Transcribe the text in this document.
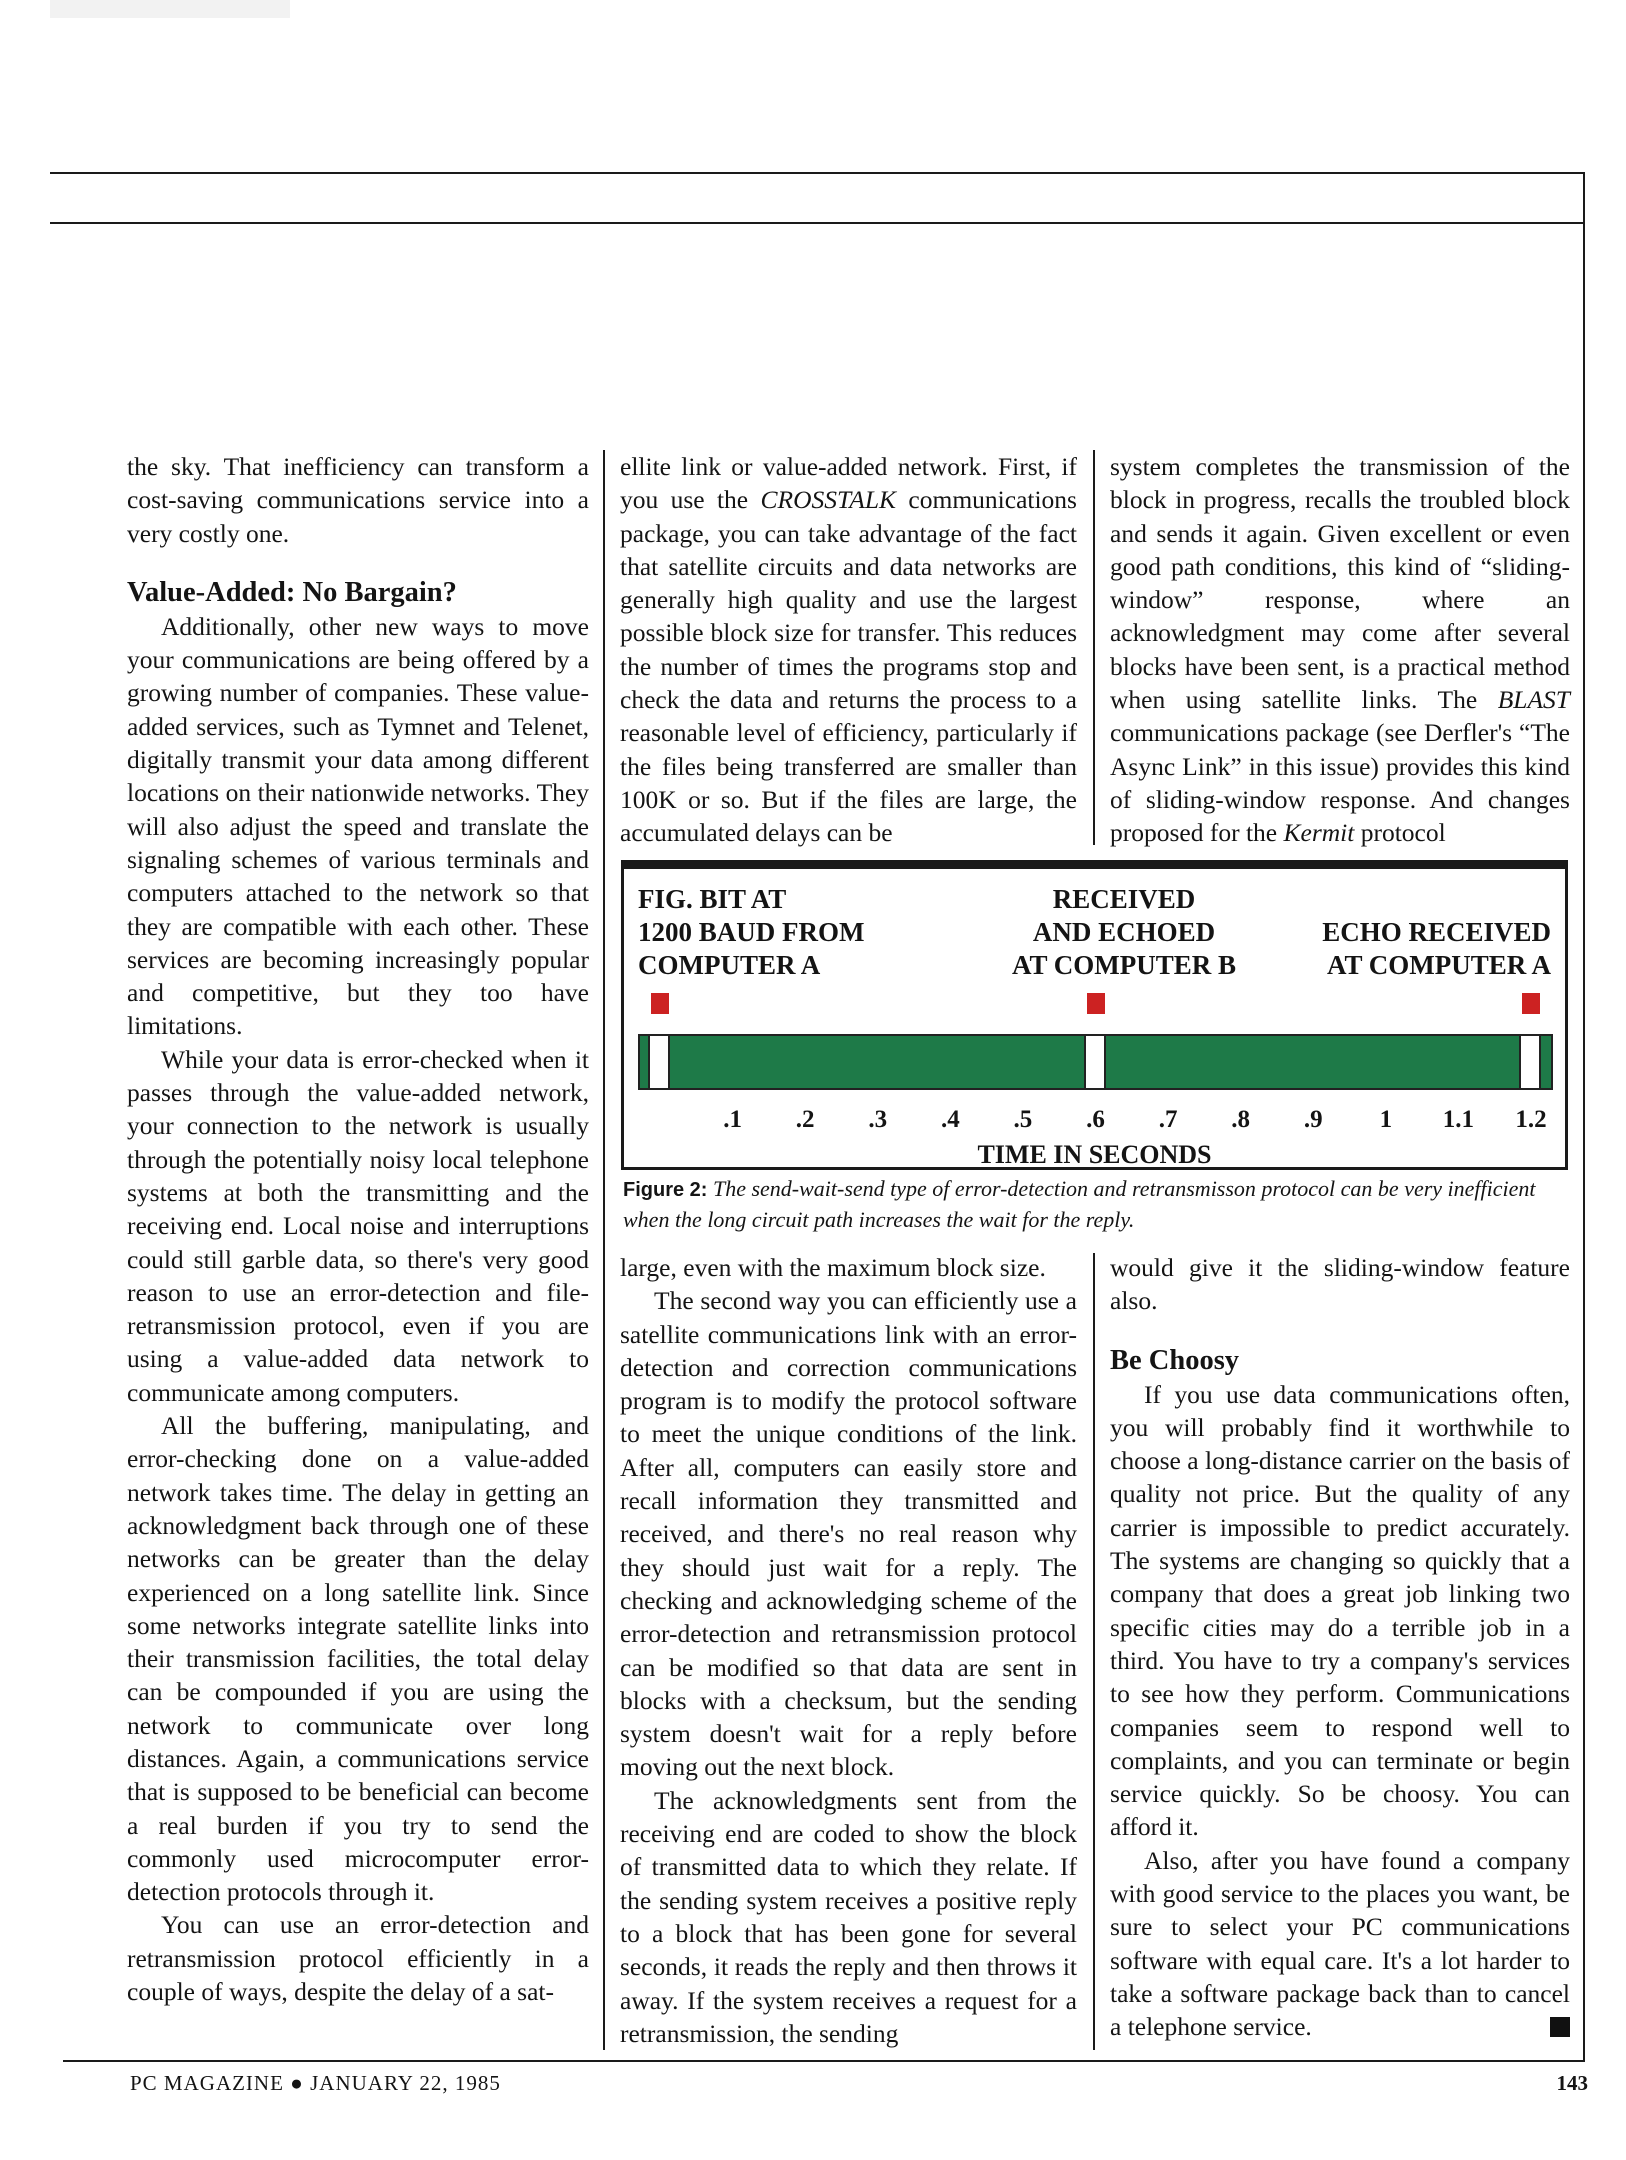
the sky. That inefficiency can transform a cost-saving communications service into a very costly one.

Value-Added: No Bargain?

Additionally, other new ways to move your communications are being offered by a growing number of companies. These value-added services, such as Tymnet and Telenet, digitally transmit your data among different locations on their nationwide networks. They will also adjust the speed and translate the signaling schemes of various terminals and computers attached to the network so that they are compatible with each other. These services are becoming increasingly popular and competitive, but they too have limitations.

While your data is error-checked when it passes through the value-added network, your connection to the network is usually through the potentially noisy local telephone systems at both the transmitting and the receiving end. Local noise and interruptions could still garble data, so there's very good reason to use an error-detection and file-retransmission protocol, even if you are using a value-added data network to communicate among computers.

All the buffering, manipulating, and error-checking done on a value-added network takes time. The delay in getting an acknowledgment back through one of these networks can be greater than the delay experienced on a long satellite link. Since some networks integrate satellite links into their transmission facilities, the total delay can be compounded if you are using the network to communicate over long distances. Again, a communications service that is supposed to be beneficial can become a real burden if you try to send the commonly used microcomputer error-detection protocols through it.

You can use an error-detection and retransmission protocol efficiently in a couple of ways, despite the delay of a sat-

ellite link or value-added network. First, if you use the CROSSTALK communications package, you can take advantage of the fact that satellite circuits and data networks are generally high quality and use the largest possible block size for transfer. This reduces the number of times the programs stop and check the data and returns the process to a reasonable level of efficiency, particularly if the files being transferred are smaller than 100K or so. But if the files are large, the accumulated delays can be

system completes the transmission of the block in progress, recalls the troubled block and sends it again. Given excellent or even good path conditions, this kind of “sliding-window” response, where an acknowledgment may come after several blocks have been sent, is a practical method when using satellite links. The BLAST communications package (see Derfler's “The Async Link” in this issue) provides this kind of sliding-window response. And changes proposed for the Kermit protocol

FIG. BIT AT
1200 BAUD FROM
COMPUTER A
RECEIVED
AND ECHOED
AT COMPUTER B
ECHO RECEIVED
AT COMPUTER A
.1 .2 .3 .4 .5 .6 .7 .8 .9 1 1.1 1.2
TIME IN SECONDS
Figure 2: The send-wait-send type of error-detection and retransmisson protocol can be very inefficient when the long circuit path increases the wait for the reply.

large, even with the maximum block size.

The second way you can efficiently use a satellite communications link with an error-detection and correction communications program is to modify the protocol software to meet the unique conditions of the link. After all, computers can easily store and recall information they transmitted and received, and there's no real reason why they should just wait for a reply. The checking and acknowledging scheme of the error-detection and retransmission protocol can be modified so that data are sent in blocks with a checksum, but the sending system doesn't wait for a reply before moving out the next block.

The acknowledgments sent from the receiving end are coded to show the block of transmitted data to which they relate. If the sending system receives a positive reply to a block that has been gone for several seconds, it reads the reply and then throws it away. If the system receives a request for a retransmission, the sending

would give it the sliding-window feature also.

Be Choosy

If you use data communications often, you will probably find it worthwhile to choose a long-distance carrier on the basis of quality not price. But the quality of any carrier is impossible to predict accurately. The systems are changing so quickly that a company that does a great job linking two specific cities may do a terrible job in a third. You have to try a company's services to see how they perform. Communications companies seem to respond well to complaints, and you can terminate or begin service quickly. So be choosy. You can afford it.

Also, after you have found a company with good service to the places you want, be sure to select your PC communications software with equal care. It's a lot harder to take a software package back than to cancel a telephone service.

PC MAGAZINE ● JANUARY 22, 1985	143
